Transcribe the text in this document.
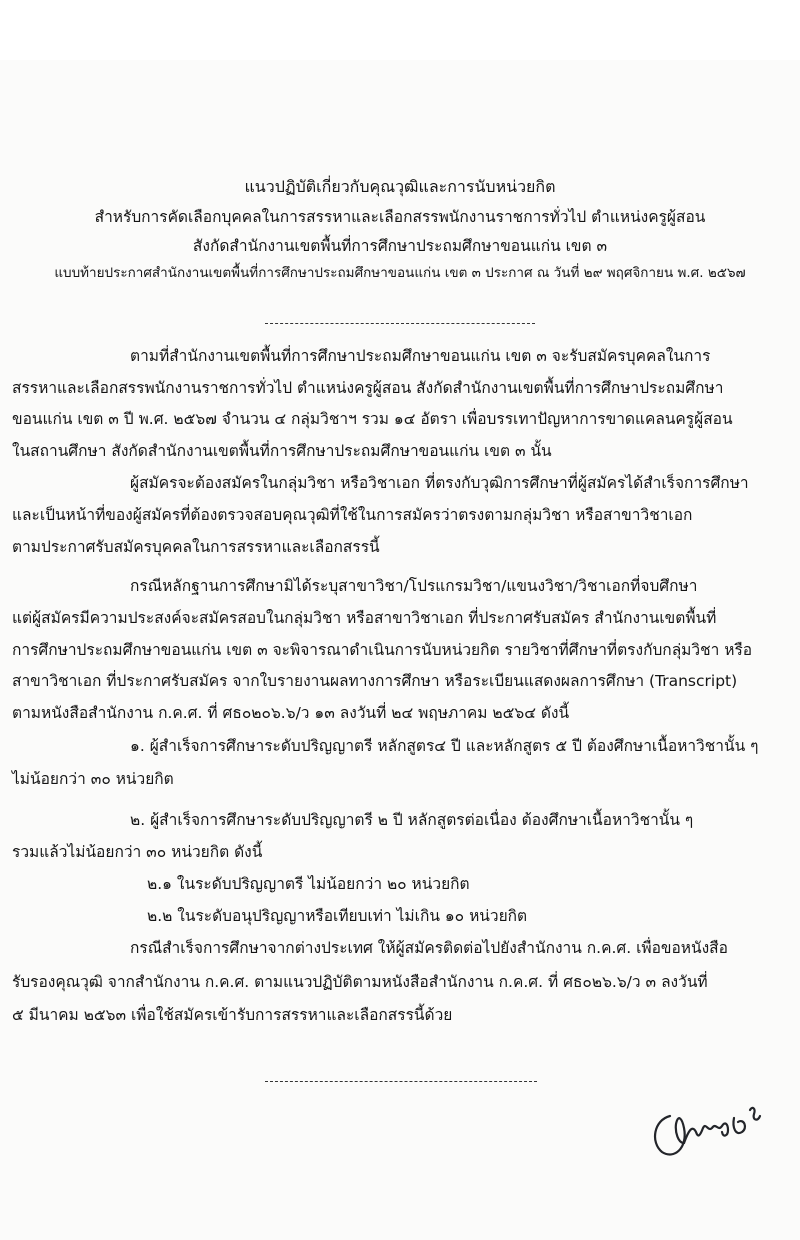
แนวปฏิบัติเกี่ยวกับคุณวุฒิและการนับหน่วยกิต
สำหรับการคัดเลือกบุคคลในการสรรหาและเลือกสรรพนักงานราชการทั่วไป ตำแหน่งครูผู้สอน
สังกัดสำนักงานเขตพื้นที่การศึกษาประถมศึกษาขอนแก่น เขต ๓
แบบท้ายประกาศสำนักงานเขตพื้นที่การศึกษาประถมศึกษาขอนแก่น เขต ๓ ประกาศ ณ วันที่ ๒๙ พฤศจิกายน พ.ศ. ๒๕๖๗
ตามที่สำนักงานเขตพื้นที่การศึกษาประถมศึกษาขอนแก่น เขต ๓ จะรับสมัครบุคคลในการ
สรรหาและเลือกสรรพนักงานราชการทั่วไป ตำแหน่งครูผู้สอน สังกัดสำนักงานเขตพื้นที่การศึกษาประถมศึกษา
ขอนแก่น เขต ๓ ปี พ.ศ. ๒๕๖๗ จำนวน ๔ กลุ่มวิชาฯ รวม ๑๔ อัตรา เพื่อบรรเทาปัญหาการขาดแคลนครูผู้สอน
ในสถานศึกษา สังกัดสำนักงานเขตพื้นที่การศึกษาประถมศึกษาขอนแก่น เขต ๓ นั้น
ผู้สมัครจะต้องสมัครในกลุ่มวิชา หรือวิชาเอก ที่ตรงกับวุฒิการศึกษาที่ผู้สมัครได้สำเร็จการศึกษา
และเป็นหน้าที่ของผู้สมัครที่ต้องตรวจสอบคุณวุฒิที่ใช้ในการสมัครว่าตรงตามกลุ่มวิชา หรือสาขาวิชาเอก
ตามประกาศรับสมัครบุคคลในการสรรหาและเลือกสรรนี้
กรณีหลักฐานการศึกษามิได้ระบุสาขาวิชา/โปรแกรมวิชา/แขนงวิชา/วิชาเอกที่จบศึกษา
แต่ผู้สมัครมีความประสงค์จะสมัครสอบในกลุ่มวิชา หรือสาขาวิชาเอก ที่ประกาศรับสมัคร สำนักงานเขตพื้นที่
การศึกษาประถมศึกษาขอนแก่น เขต ๓ จะพิจารณาดำเนินการนับหน่วยกิต รายวิชาที่ศึกษาที่ตรงกับกลุ่มวิชา หรือ
สาขาวิชาเอก ที่ประกาศรับสมัคร จากใบรายงานผลทางการศึกษา หรือระเบียนแสดงผลการศึกษา (Transcript)
ตามหนังสือสำนักงาน ก.ค.ศ. ที่ ศธ๐๒๐๖.๖/ว ๑๓ ลงวันที่ ๒๔ พฤษภาคม ๒๕๖๔ ดังนี้
๑. ผู้สำเร็จการศึกษาระดับปริญญาตรี หลักสูตร๔ ปี และหลักสูตร ๕ ปี ต้องศึกษาเนื้อหาวิชานั้น ๆ
ไม่น้อยกว่า ๓๐ หน่วยกิต
๒. ผู้สำเร็จการศึกษาระดับปริญญาตรี ๒ ปี หลักสูตรต่อเนื่อง ต้องศึกษาเนื้อหาวิชานั้น ๆ
รวมแล้วไม่น้อยกว่า ๓๐ หน่วยกิต ดังนี้
๒.๑ ในระดับปริญญาตรี ไม่น้อยกว่า ๒๐ หน่วยกิต
๒.๒ ในระดับอนุปริญญาหรือเทียบเท่า ไม่เกิน ๑๐ หน่วยกิต
กรณีสำเร็จการศึกษาจากต่างประเทศ ให้ผู้สมัครติดต่อไปยังสำนักงาน ก.ค.ศ. เพื่อขอหนังสือ
รับรองคุณวุฒิ จากสำนักงาน ก.ค.ศ. ตามแนวปฏิบัติตามหนังสือสำนักงาน ก.ค.ศ. ที่ ศธ๐๒๖.๖/ว ๓ ลงวันที่
๕ มีนาคม ๒๕๖๓ เพื่อใช้สมัครเข้ารับการสรรหาและเลือกสรรนี้ด้วย
